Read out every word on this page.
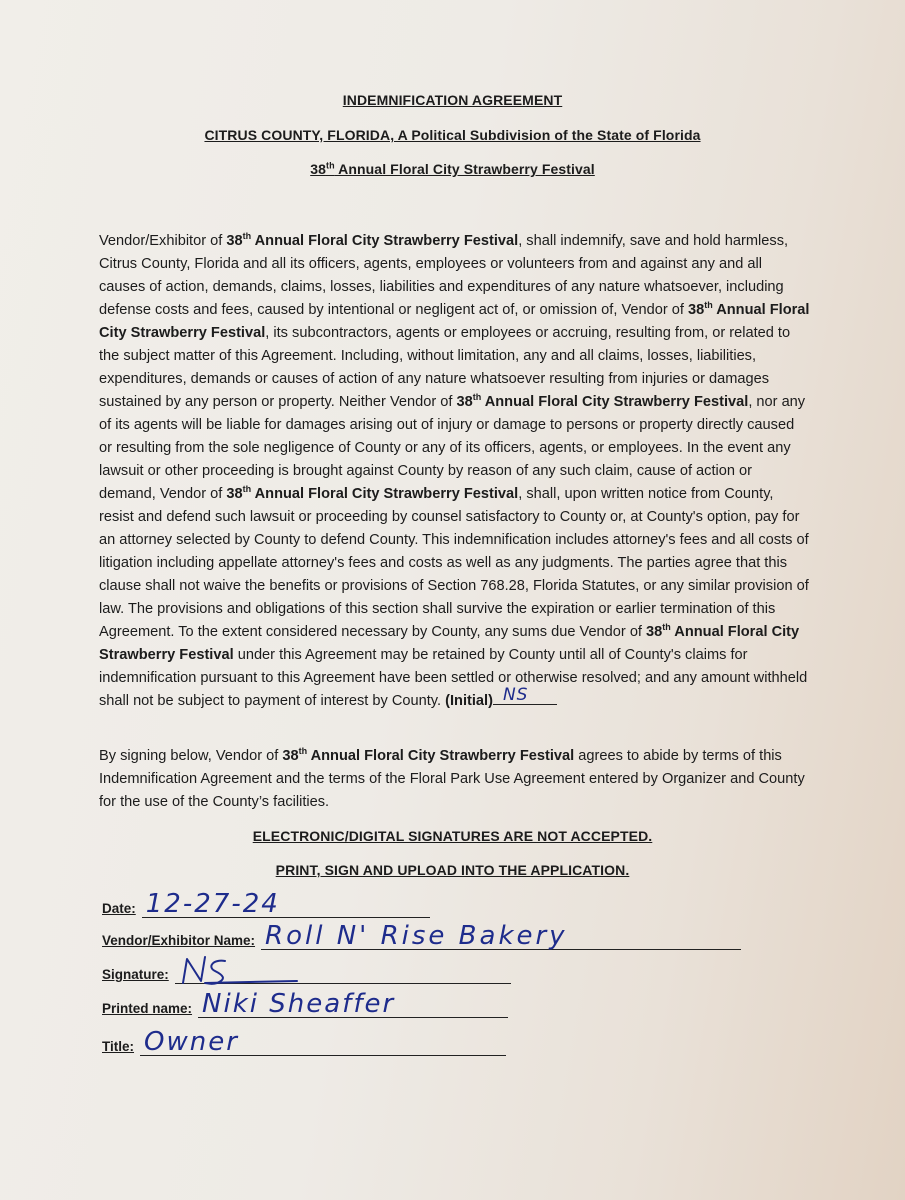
INDEMNIFICATION AGREEMENT
CITRUS COUNTY, FLORIDA, A Political Subdivision of the State of Florida
38th Annual Floral City Strawberry Festival

Vendor/Exhibitor of 38th Annual Floral City Strawberry Festival, shall indemnify, save and hold harmless, Citrus County, Florida and all its officers, agents, employees or volunteers from and against any and all causes of action, demands, claims, losses, liabilities and expenditures of any nature whatsoever, including defense costs and fees, caused by intentional or negligent act of, or omission of, Vendor of 38th Annual Floral City Strawberry Festival, its subcontractors, agents or employees or accruing, resulting from, or related to the subject matter of this Agreement. Including, without limitation, any and all claims, losses, liabilities, expenditures, demands or causes of action of any nature whatsoever resulting from injuries or damages sustained by any person or property. Neither Vendor of 38th Annual Floral City Strawberry Festival, nor any of its agents will be liable for damages arising out of injury or damage to persons or property directly caused or resulting from the sole negligence of County or any of its officers, agents, or employees. In the event any lawsuit or other proceeding is brought against County by reason of any such claim, cause of action or demand, Vendor of 38th Annual Floral City Strawberry Festival, shall, upon written notice from County, resist and defend such lawsuit or proceeding by counsel satisfactory to County or, at County's option, pay for an attorney selected by County to defend County. This indemnification includes attorney's fees and all costs of litigation including appellate attorney's fees and costs as well as any judgments. The parties agree that this clause shall not waive the benefits or provisions of Section 768.28, Florida Statutes, or any similar provision of law. The provisions and obligations of this section shall survive the expiration or earlier termination of this Agreement. To the extent considered necessary by County, any sums due Vendor of 38th Annual Floral City Strawberry Festival under this Agreement may be retained by County until all of County's claims for indemnification pursuant to this Agreement have been settled or otherwise resolved; and any amount withheld shall not be subject to payment of interest by County. (Initial) NS

By signing below, Vendor of 38th Annual Floral City Strawberry Festival agrees to abide by terms of this Indemnification Agreement and the terms of the Floral Park Use Agreement entered by Organizer and County for the use of the County’s facilities.

ELECTRONIC/DIGITAL SIGNATURES ARE NOT ACCEPTED.
PRINT, SIGN AND UPLOAD INTO THE APPLICATION.
Date: 12-27-24
Vendor/Exhibitor Name: Roll N' Rise Bakery
Signature:
Printed name: Niki Sheaffer
Title: Owner
